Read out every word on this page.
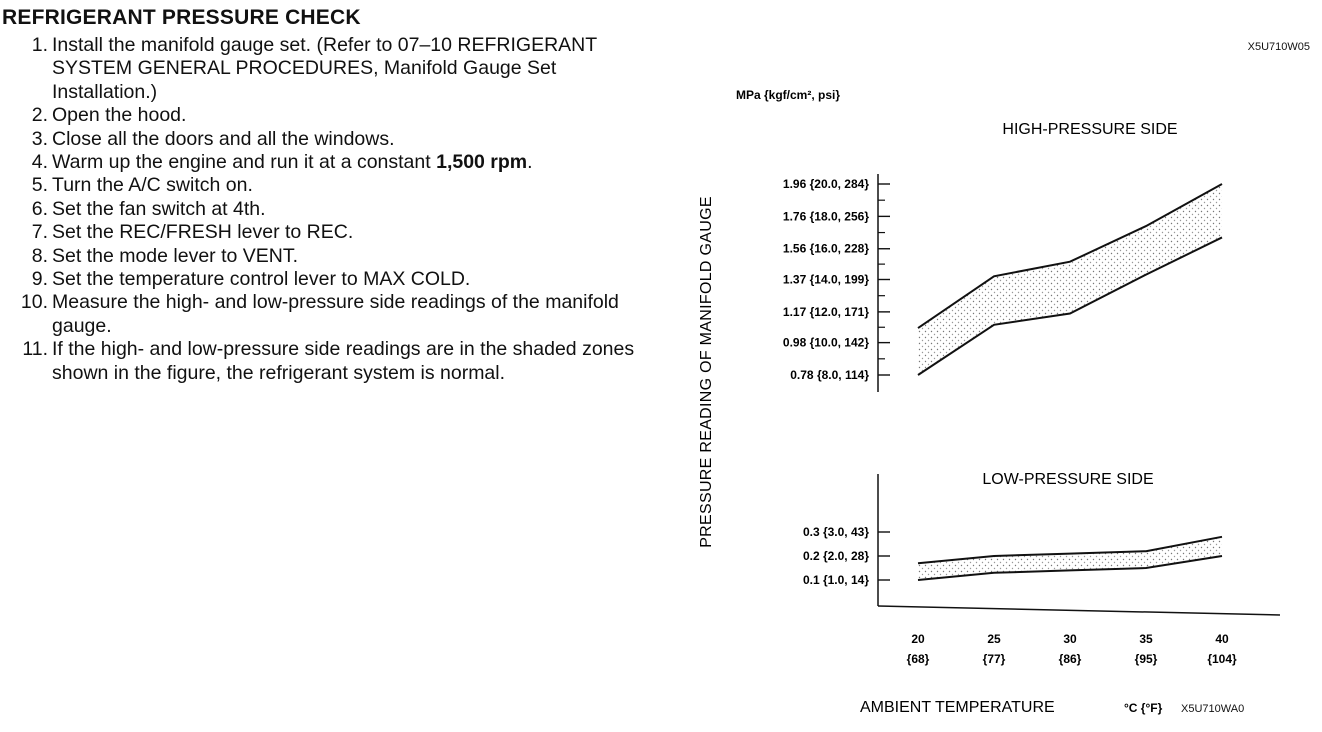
REFRIGERANT PRESSURE CHECK
1. Install the manifold gauge set. (Refer to 07–10 REFRIGERANT SYSTEM GENERAL PROCEDURES, Manifold Gauge Set Installation.)
2. Open the hood.
3. Close all the doors and all the windows.
4. Warm up the engine and run it at a constant 1,500 rpm.
5. Turn the A/C switch on.
6. Set the fan switch at 4th.
7. Set the REC/FRESH lever to REC.
8. Set the mode lever to VENT.
9. Set the temperature control lever to MAX COLD.
10. Measure the high- and low-pressure side readings of the manifold gauge.
11. If the high- and low-pressure side readings are in the shaded zones shown in the figure, the refrigerant system is normal.
X5U710W05
X5U710WA0
MPa {kgf/cm², psi}
PRESSURE READING OF MANIFOLD GAUGE
HIGH-PRESSURE SIDE
LOW-PRESSURE SIDE
1.96 {20.0, 284}
1.76 {18.0, 256}
1.56 {16.0, 228}
1.37 {14.0, 199}
1.17 {12.0, 171}
0.98 {10.0, 142}
0.78 {8.0, 114}
0.3 {3.0, 43}
0.2 {2.0, 28}
0.1 {1.0, 14}
20
{68}
25
{77}
30
{86}
35
{95}
40
{104}
AMBIENT TEMPERATURE	°C {°F}
